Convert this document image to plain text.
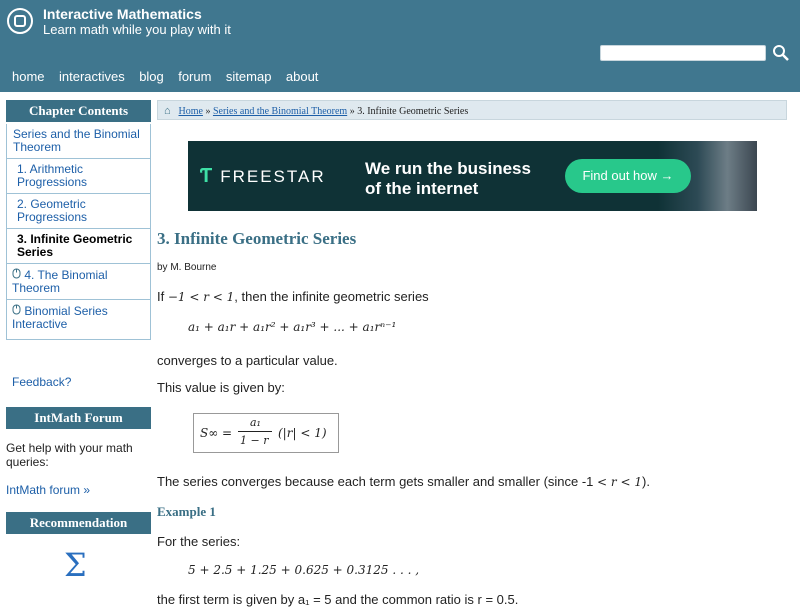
Interactive Mathematics
Learn math while you play with it
home interactives blog forum sitemap about
Chapter Contents
Series and the Binomial Theorem
1. Arithmetic Progressions
2. Geometric Progressions
3. Infinite Geometric Series
4. The Binomial Theorem
Binomial Series Interactive
Feedback?
IntMath Forum
Get help with your math queries:
IntMath forum »
Recommendation
Σ
⌂ Home » Series and the Binomial Theorem » 3. Infinite Geometric Series
Ƭ FREESTAR We run the business
of the internet
Find out how →
3. Infinite Geometric Series
by M. Bourne
If −1 < r < 1, then the infinite geometric series
a₁ + a₁r + a₁r² + a₁r³ + ... + a₁rⁿ⁻¹
converges to a particular value.
This value is given by:
S∞ =
a₁
1 − r
(|r| < 1)
The series converges because each term gets smaller and smaller (since -1 < r < 1).
Example 1
For the series:
5 + 2.5 + 1.25 + 0.625 + 0.3125 . . . ,
the first term is given by a₁ = 5 and the common ratio is r = 0.5.
